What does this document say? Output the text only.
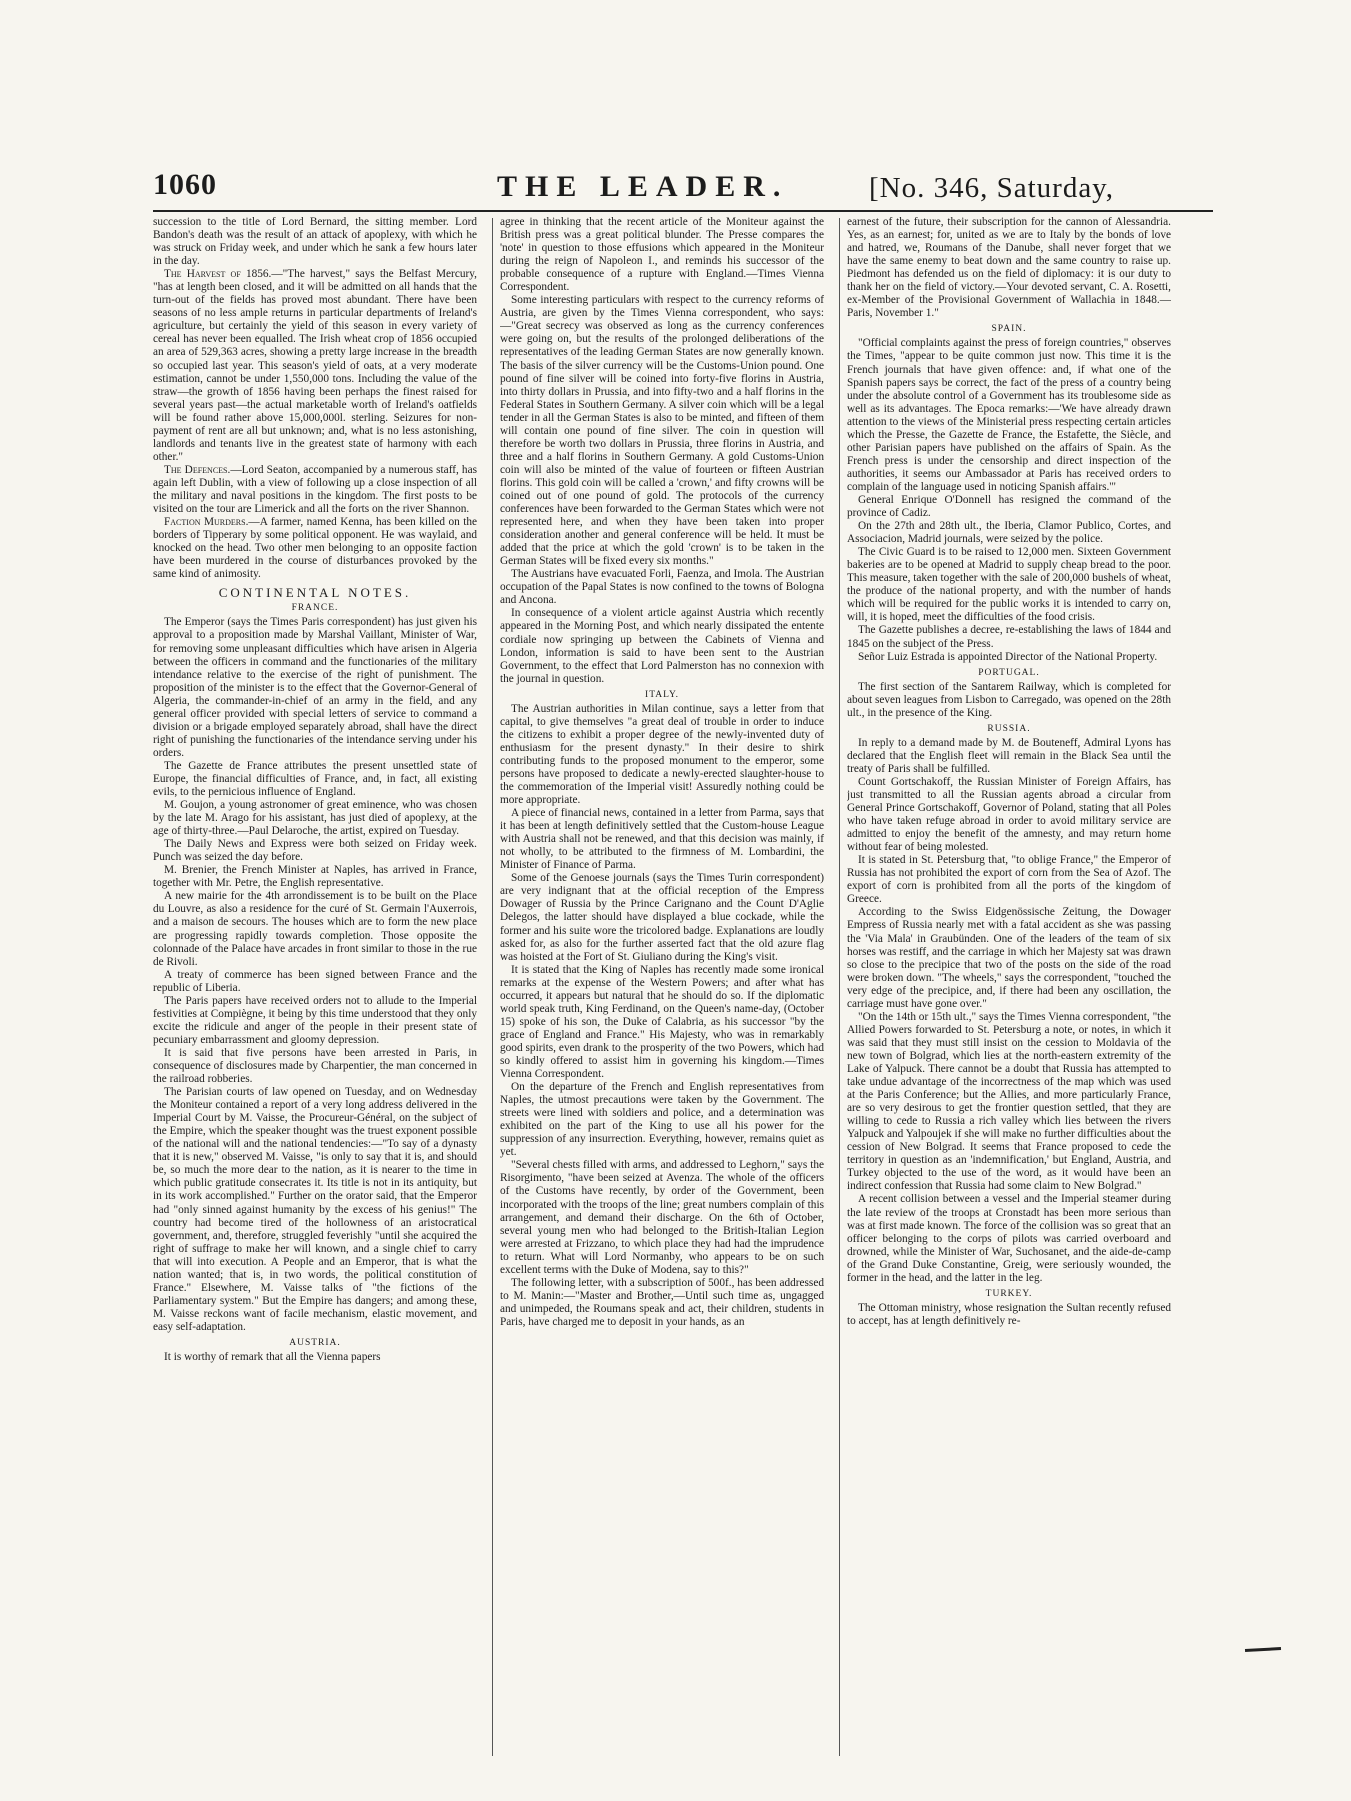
1060	THE LEADER.	[No. 346, Saturday,

succession to the title of Lord Bernard, the sitting member. Lord Bandon's death was the result of an attack of apoplexy, with which he was struck on Friday week, and under which he sank a few hours later in the day.

The Harvest of 1856.—"The harvest," says the Belfast Mercury, "has at length been closed, and it will be admitted on all hands that the turn-out of the fields has proved most abundant. There have been seasons of no less ample returns in particular departments of Ireland's agriculture, but certainly the yield of this season in every variety of cereal has never been equalled. The Irish wheat crop of 1856 occupied an area of 529,363 acres, showing a pretty large increase in the breadth so occupied last year. This season's yield of oats, at a very moderate estimation, cannot be under 1,550,000 tons. Including the value of the straw—the growth of 1856 having been perhaps the finest raised for several years past—the actual marketable worth of Ireland's oatfields will be found rather above 15,000,000l. sterling. Seizures for non-payment of rent are all but unknown; and, what is no less astonishing, landlords and tenants live in the greatest state of harmony with each other."

The Defences.—Lord Seaton, accompanied by a numerous staff, has again left Dublin, with a view of following up a close inspection of all the military and naval positions in the kingdom. The first posts to be visited on the tour are Limerick and all the forts on the river Shannon.

Faction Murders.—A farmer, named Kenna, has been killed on the borders of Tipperary by some political opponent. He was waylaid, and knocked on the head. Two other men belonging to an opposite faction have been murdered in the course of disturbances provoked by the same kind of animosity.

CONTINENTAL NOTES.
FRANCE.

The Emperor (says the Times Paris correspondent) has just given his approval to a proposition made by Marshal Vaillant, Minister of War, for removing some unpleasant difficulties which have arisen in Algeria between the officers in command and the functionaries of the military intendance relative to the exercise of the right of punishment. The proposition of the minister is to the effect that the Governor-General of Algeria, the commander-in-chief of an army in the field, and any general officer provided with special letters of service to command a division or a brigade employed separately abroad, shall have the direct right of punishing the functionaries of the intendance serving under his orders.

The Gazette de France attributes the present unsettled state of Europe, the financial difficulties of France, and, in fact, all existing evils, to the pernicious influence of England.

M. Goujon, a young astronomer of great eminence, who was chosen by the late M. Arago for his assistant, has just died of apoplexy, at the age of thirty-three.—Paul Delaroche, the artist, expired on Tuesday.

The Daily News and Express were both seized on Friday week. Punch was seized the day before.

M. Brenier, the French Minister at Naples, has arrived in France, together with Mr. Petre, the English representative.

A new mairie for the 4th arrondissement is to be built on the Place du Louvre, as also a residence for the curé of St. Germain l'Auxerrois, and a maison de secours. The houses which are to form the new place are progressing rapidly towards completion. Those opposite the colonnade of the Palace have arcades in front similar to those in the rue de Rivoli.

A treaty of commerce has been signed between France and the republic of Liberia.

The Paris papers have received orders not to allude to the Imperial festivities at Compiègne, it being by this time understood that they only excite the ridicule and anger of the people in their present state of pecuniary embarrassment and gloomy depression.

It is said that five persons have been arrested in Paris, in consequence of disclosures made by Charpentier, the man concerned in the railroad robberies.

The Parisian courts of law opened on Tuesday, and on Wednesday the Moniteur contained a report of a very long address delivered in the Imperial Court by M. Vaisse, the Procureur-Général, on the subject of the Empire, which the speaker thought was the truest exponent possible of the national will and the national tendencies:—"To say of a dynasty that it is new," observed M. Vaisse, "is only to say that it is, and should be, so much the more dear to the nation, as it is nearer to the time in which public gratitude consecrates it. Its title is not in its antiquity, but in its work accomplished." Further on the orator said, that the Emperor had "only sinned against humanity by the excess of his genius!" The country had become tired of the hollowness of an aristocratical government, and, therefore, struggled feverishly "until she acquired the right of suffrage to make her will known, and a single chief to carry that will into execution. A People and an Emperor, that is what the nation wanted; that is, in two words, the political constitution of France." Elsewhere, M. Vaisse talks of "the fictions of the Parliamentary system." But the Empire has dangers; and among these, M. Vaisse reckons want of facile mechanism, elastic movement, and easy self-adaptation.

AUSTRIA.

It is worthy of remark that all the Vienna papers

agree in thinking that the recent article of the Moniteur against the British press was a great political blunder. The Presse compares the 'note' in question to those effusions which appeared in the Moniteur during the reign of Napoleon I., and reminds his successor of the probable consequence of a rupture with England.—Times Vienna Correspondent.

Some interesting particulars with respect to the currency reforms of Austria, are given by the Times Vienna correspondent, who says:—"Great secrecy was observed as long as the currency conferences were going on, but the results of the prolonged deliberations of the representatives of the leading German States are now generally known. The basis of the silver currency will be the Customs-Union pound. One pound of fine silver will be coined into forty-five florins in Austria, into thirty dollars in Prussia, and into fifty-two and a half florins in the Federal States in Southern Germany. A silver coin which will be a legal tender in all the German States is also to be minted, and fifteen of them will contain one pound of fine silver. The coin in question will therefore be worth two dollars in Prussia, three florins in Austria, and three and a half florins in Southern Germany. A gold Customs-Union coin will also be minted of the value of fourteen or fifteen Austrian florins. This gold coin will be called a 'crown,' and fifty crowns will be coined out of one pound of gold. The protocols of the currency conferences have been forwarded to the German States which were not represented here, and when they have been taken into proper consideration another and general conference will be held. It must be added that the price at which the gold 'crown' is to be taken in the German States will be fixed every six months."

The Austrians have evacuated Forli, Faenza, and Imola. The Austrian occupation of the Papal States is now confined to the towns of Bologna and Ancona.

In consequence of a violent article against Austria which recently appeared in the Morning Post, and which nearly dissipated the entente cordiale now springing up between the Cabinets of Vienna and London, information is said to have been sent to the Austrian Government, to the effect that Lord Palmerston has no connexion with the journal in question.

ITALY.

The Austrian authorities in Milan continue, says a letter from that capital, to give themselves "a great deal of trouble in order to induce the citizens to exhibit a proper degree of the newly-invented duty of enthusiasm for the present dynasty." In their desire to shirk contributing funds to the proposed monument to the emperor, some persons have proposed to dedicate a newly-erected slaughter-house to the commemoration of the Imperial visit! Assuredly nothing could be more appropriate.

A piece of financial news, contained in a letter from Parma, says that it has been at length definitively settled that the Custom-house League with Austria shall not be renewed, and that this decision was mainly, if not wholly, to be attributed to the firmness of M. Lombardini, the Minister of Finance of Parma.

Some of the Genoese journals (says the Times Turin correspondent) are very indignant that at the official reception of the Empress Dowager of Russia by the Prince Carignano and the Count D'Aglie Delegos, the latter should have displayed a blue cockade, while the former and his suite wore the tricolored badge. Explanations are loudly asked for, as also for the further asserted fact that the old azure flag was hoisted at the Fort of St. Giuliano during the King's visit.

It is stated that the King of Naples has recently made some ironical remarks at the expense of the Western Powers; and after what has occurred, it appears but natural that he should do so. If the diplomatic world speak truth, King Ferdinand, on the Queen's name-day, (October 15) spoke of his son, the Duke of Calabria, as his successor "by the grace of England and France." His Majesty, who was in remarkably good spirits, even drank to the prosperity of the two Powers, which had so kindly offered to assist him in governing his kingdom.—Times Vienna Correspondent.

On the departure of the French and English representatives from Naples, the utmost precautions were taken by the Government. The streets were lined with soldiers and police, and a determination was exhibited on the part of the King to use all his power for the suppression of any insurrection. Everything, however, remains quiet as yet.

"Several chests filled with arms, and addressed to Leghorn," says the Risorgimento, "have been seized at Avenza. The whole of the officers of the Customs have recently, by order of the Government, been incorporated with the troops of the line; great numbers complain of this arrangement, and demand their discharge. On the 6th of October, several young men who had belonged to the British-Italian Legion were arrested at Frizzano, to which place they had had the imprudence to return. What will Lord Normanby, who appears to be on such excellent terms with the Duke of Modena, say to this?"

The following letter, with a subscription of 500f., has been addressed to M. Manin:—"Master and Brother,—Until such time as, ungagged and unimpeded, the Roumans speak and act, their children, students in Paris, have charged me to deposit in your hands, as an

earnest of the future, their subscription for the cannon of Alessandria. Yes, as an earnest; for, united as we are to Italy by the bonds of love and hatred, we, Roumans of the Danube, shall never forget that we have the same enemy to beat down and the same country to raise up. Piedmont has defended us on the field of diplomacy: it is our duty to thank her on the field of victory.—Your devoted servant, C. A. Rosetti, ex-Member of the Provisional Government of Wallachia in 1848.—Paris, November 1."

SPAIN.

"Official complaints against the press of foreign countries," observes the Times, "appear to be quite common just now. This time it is the French journals that have given offence: and, if what one of the Spanish papers says be correct, the fact of the press of a country being under the absolute control of a Government has its troublesome side as well as its advantages. The Epoca remarks:—'We have already drawn attention to the views of the Ministerial press respecting certain articles which the Presse, the Gazette de France, the Estafette, the Siècle, and other Parisian papers have published on the affairs of Spain. As the French press is under the censorship and direct inspection of the authorities, it seems our Ambassador at Paris has received orders to complain of the language used in noticing Spanish affairs.'"

General Enrique O'Donnell has resigned the command of the province of Cadiz.

On the 27th and 28th ult., the Iberia, Clamor Publico, Cortes, and Associacion, Madrid journals, were seized by the police.

The Civic Guard is to be raised to 12,000 men. Sixteen Government bakeries are to be opened at Madrid to supply cheap bread to the poor. This measure, taken together with the sale of 200,000 bushels of wheat, the produce of the national property, and with the number of hands which will be required for the public works it is intended to carry on, will, it is hoped, meet the difficulties of the food crisis.

The Gazette publishes a decree, re-establishing the laws of 1844 and 1845 on the subject of the Press.

Señor Luiz Estrada is appointed Director of the National Property.

PORTUGAL.

The first section of the Santarem Railway, which is completed for about seven leagues from Lisbon to Carregado, was opened on the 28th ult., in the presence of the King.

RUSSIA.

In reply to a demand made by M. de Bouteneff, Admiral Lyons has declared that the English fleet will remain in the Black Sea until the treaty of Paris shall be fulfilled.

Count Gortschakoff, the Russian Minister of Foreign Affairs, has just transmitted to all the Russian agents abroad a circular from General Prince Gortschakoff, Governor of Poland, stating that all Poles who have taken refuge abroad in order to avoid military service are admitted to enjoy the benefit of the amnesty, and may return home without fear of being molested.

It is stated in St. Petersburg that, "to oblige France," the Emperor of Russia has not prohibited the export of corn from the Sea of Azof. The export of corn is prohibited from all the ports of the kingdom of Greece.

According to the Swiss Eidgenössische Zeitung, the Dowager Empress of Russia nearly met with a fatal accident as she was passing the 'Via Mala' in Graubünden. One of the leaders of the team of six horses was restiff, and the carriage in which her Majesty sat was drawn so close to the precipice that two of the posts on the side of the road were broken down. "The wheels," says the correspondent, "touched the very edge of the precipice, and, if there had been any oscillation, the carriage must have gone over."

"On the 14th or 15th ult.," says the Times Vienna correspondent, "the Allied Powers forwarded to St. Petersburg a note, or notes, in which it was said that they must still insist on the cession to Moldavia of the new town of Bolgrad, which lies at the north-eastern extremity of the Lake of Yalpuck. There cannot be a doubt that Russia has attempted to take undue advantage of the incorrectness of the map which was used at the Paris Conference; but the Allies, and more particularly France, are so very desirous to get the frontier question settled, that they are willing to cede to Russia a rich valley which lies between the rivers Yalpuck and Yalpoujek if she will make no further difficulties about the cession of New Bolgrad. It seems that France proposed to cede the territory in question as an 'indemnification,' but England, Austria, and Turkey objected to the use of the word, as it would have been an indirect confession that Russia had some claim to New Bolgrad."

A recent collision between a vessel and the Imperial steamer during the late review of the troops at Cronstadt has been more serious than was at first made known. The force of the collision was so great that an officer belonging to the corps of pilots was carried overboard and drowned, while the Minister of War, Suchosanet, and the aide-de-camp of the Grand Duke Constantine, Greig, were seriously wounded, the former in the head, and the latter in the leg.

TURKEY.

The Ottoman ministry, whose resignation the Sultan recently refused to accept, has at length definitively re-
